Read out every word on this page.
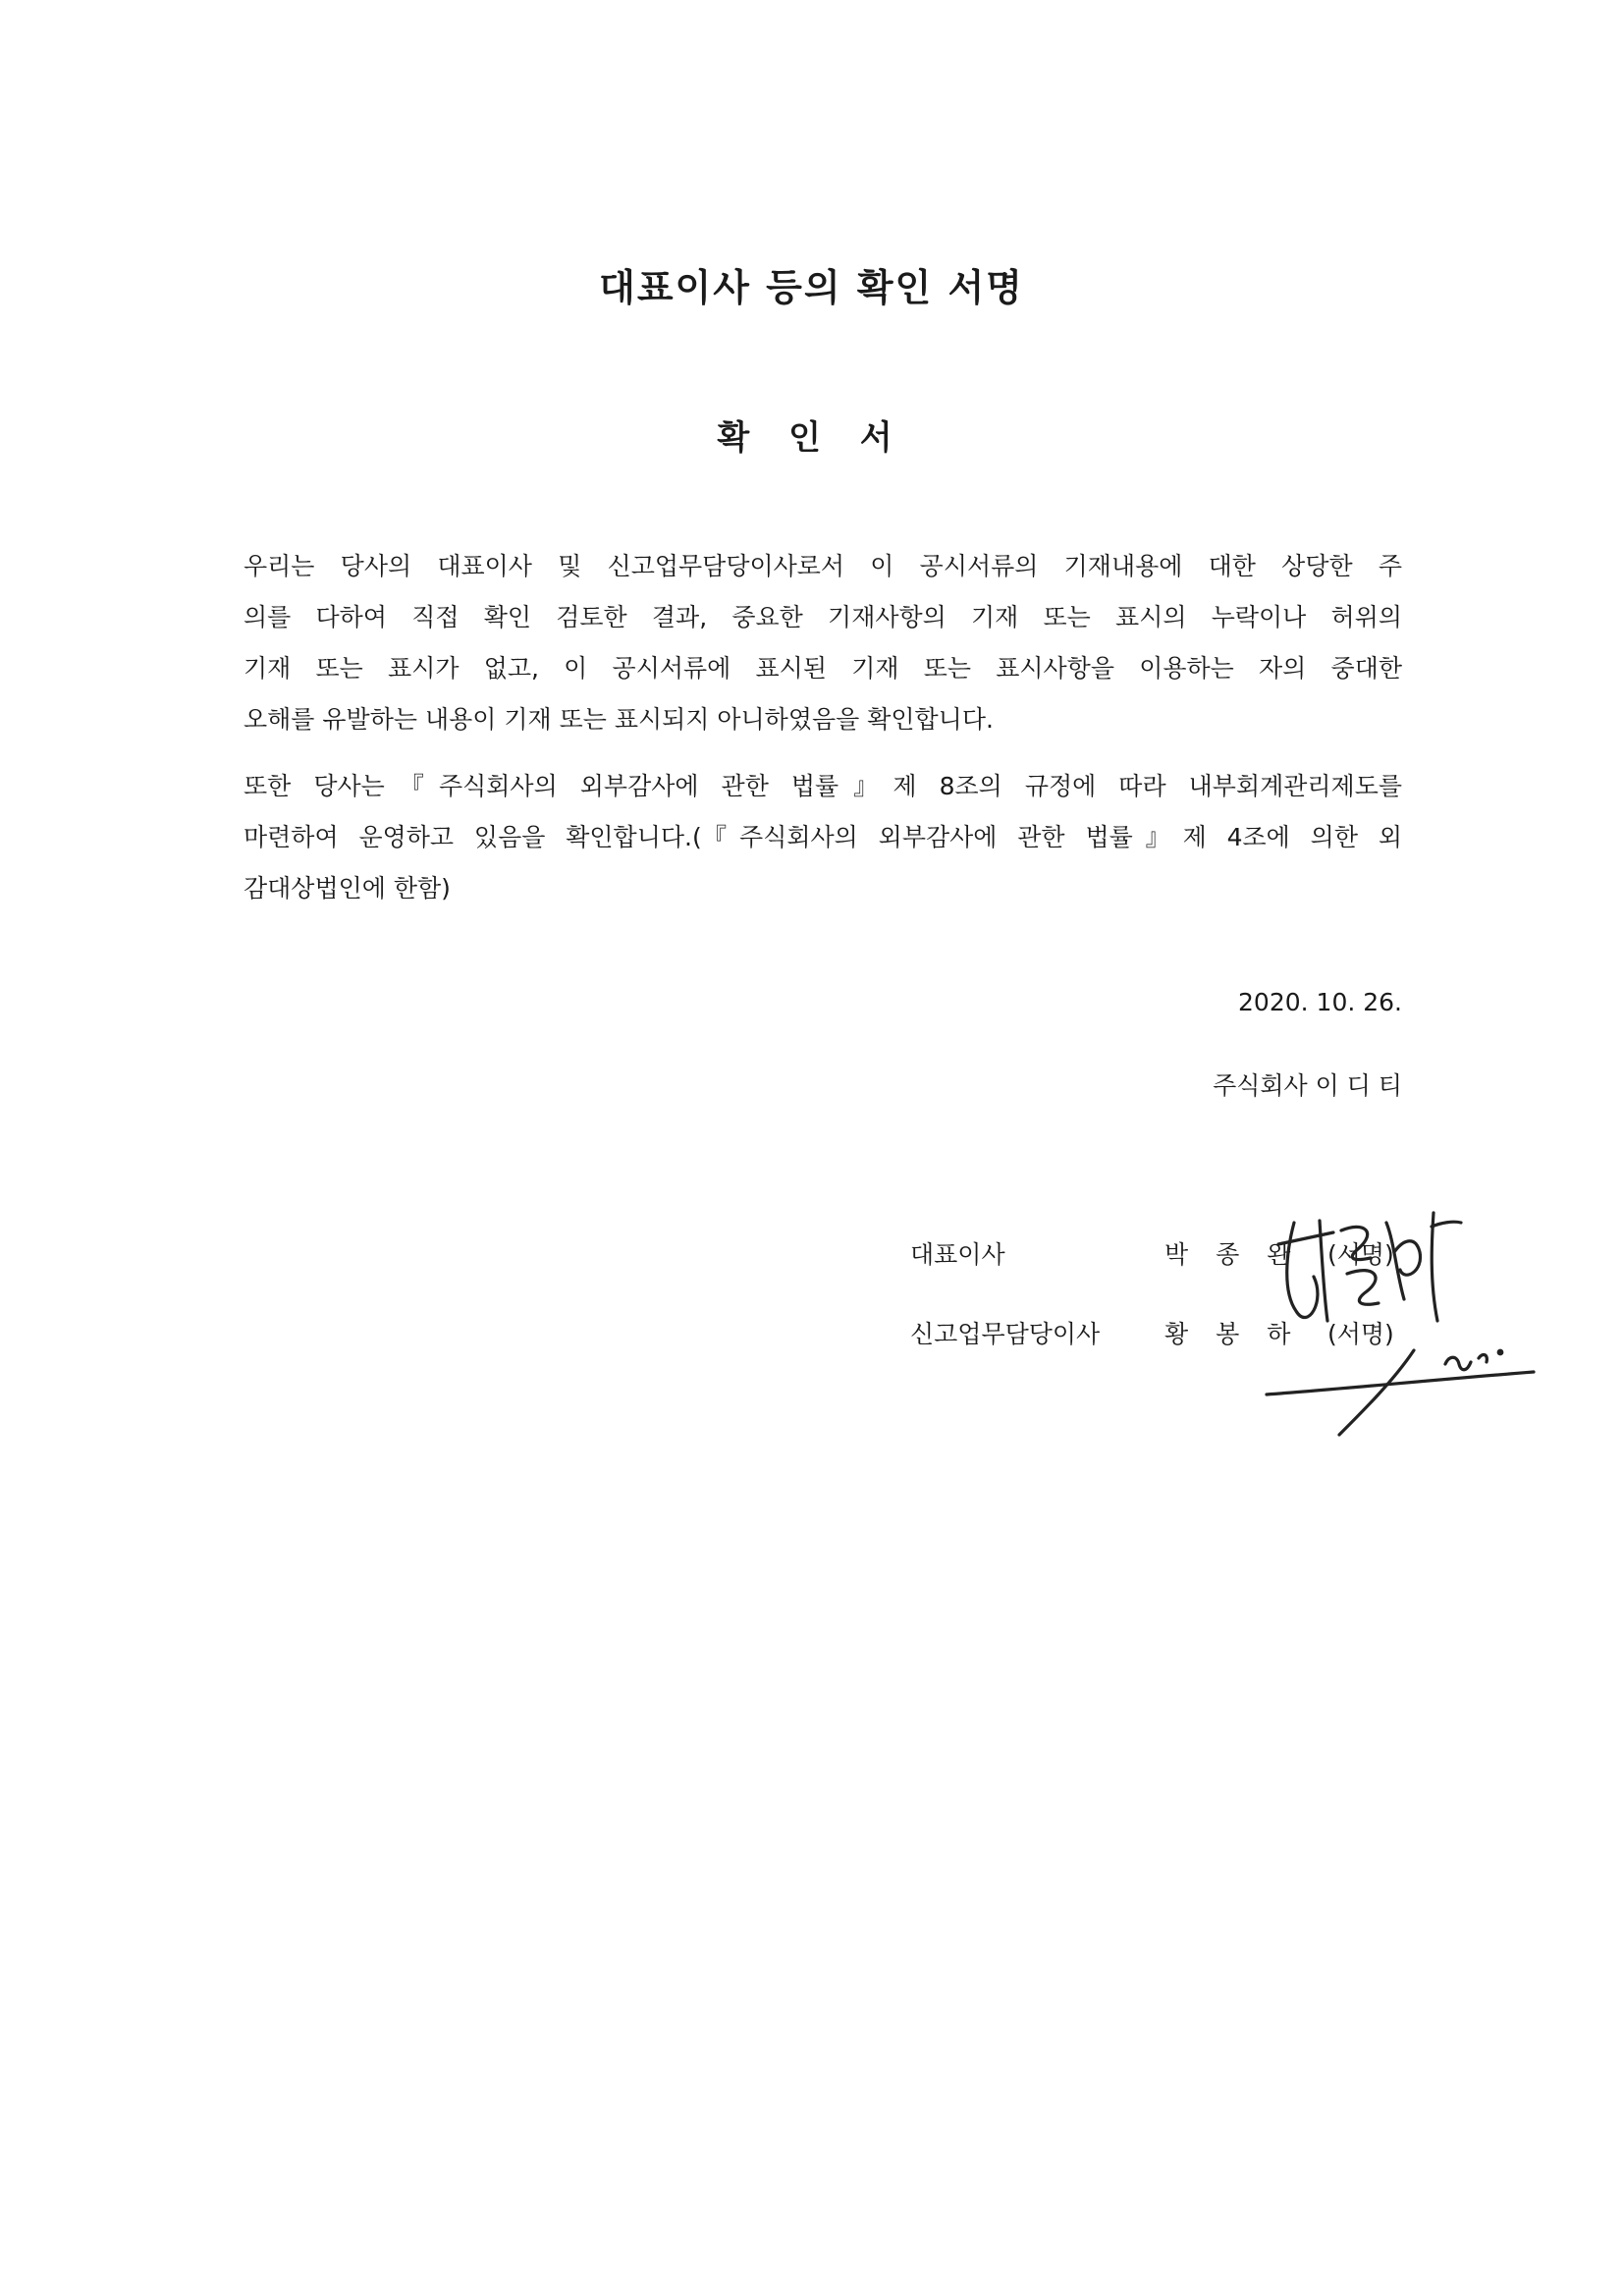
대표이사 등의 확인 서명
확 인 서
우리는 당사의 대표이사 및 신고업무담당이사로서 이 공시서류의 기재내용에 대한 상당한 주
의를 다하여 직접 확인 검토한 결과, 중요한 기재사항의 기재 또는 표시의 누락이나 허위의
기재 또는 표시가 없고, 이 공시서류에 표시된 기재 또는 표시사항을 이용하는 자의 중대한
오해를 유발하는 내용이 기재 또는 표시되지 아니하였음을 확인합니다.
또한 당사는『주식회사의 외부감사에 관한 법률』제 8조의 규정에 따라 내부회계관리제도를
마련하여 운영하고 있음을 확인합니다.(『주식회사의 외부감사에 관한 법률』제 4조에 의한 외
감대상법인에 한함)
2020. 10. 26.
주식회사 이 디 티
대표이사	박 종 완 (서명)
신고업무담당이사	황 봉 하 (서명)
